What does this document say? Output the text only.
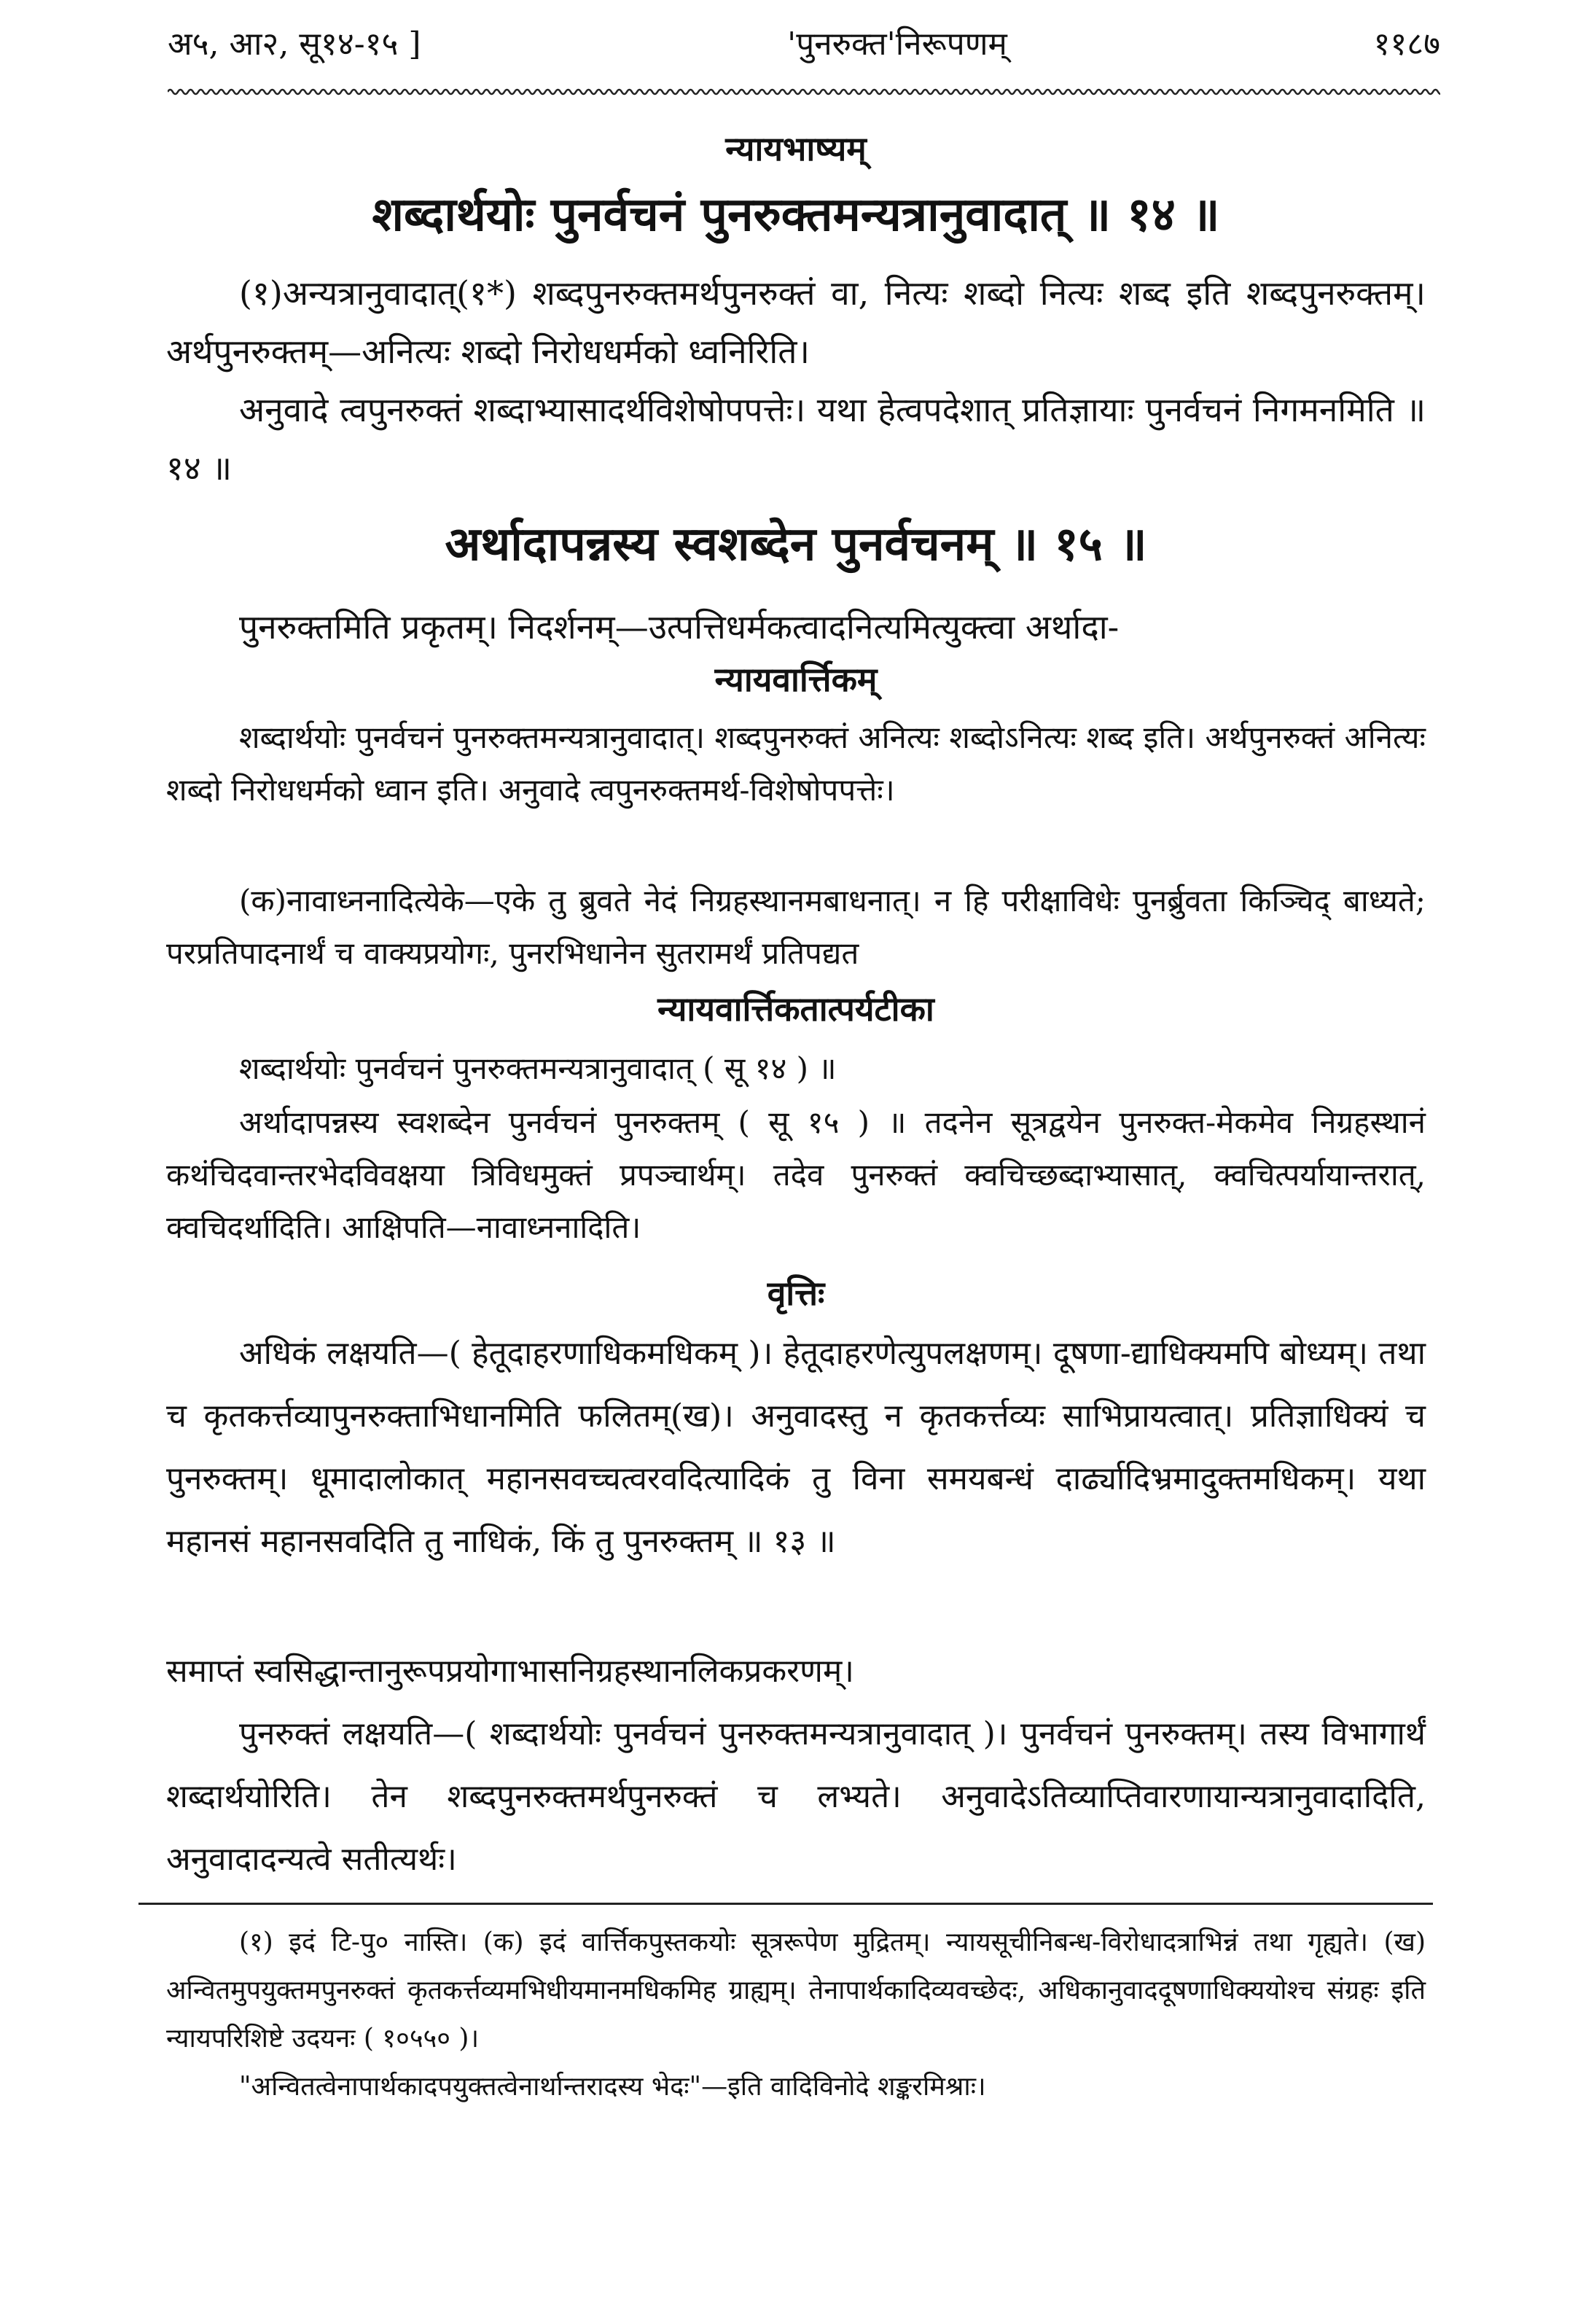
अ५, आ२, सू१४-१५ ]	'पुनरुक्त'निरूपणम्	११८७
न्यायभाष्यम्
शब्दार्थयोः पुनर्वचनं पुनरुक्तमन्यत्रानुवादात् ॥ १४ ॥
(१)अन्यत्रानुवादात्(१*) शब्दपुनरुक्तमर्थपुनरुक्तं वा, नित्यः शब्दो नित्यः शब्द इति शब्दपुनरुक्तम्। अर्थपुनरुक्तम्—अनित्यः शब्दो निरोधधर्मको ध्वनिरिति।
अनुवादे त्वपुनरुक्तं शब्दाभ्यासादर्थविशेषोपपत्तेः। यथा हेत्वपदेशात् प्रतिज्ञायाः पुनर्वचनं निगमनमिति ॥ १४ ॥
अर्थादापन्नस्य स्वशब्देन पुनर्वचनम् ॥ १५ ॥
पुनरुक्तमिति प्रकृतम्। निदर्शनम्—उत्पत्तिधर्मकत्वादनित्यमित्युक्त्वा अर्थादा-
न्यायवार्त्तिकम्
शब्दार्थयोः पुनर्वचनं पुनरुक्तमन्यत्रानुवादात्। शब्दपुनरुक्तं अनित्यः शब्दोऽनित्यः शब्द इति। अर्थपुनरुक्तं अनित्यः शब्दो निरोधधर्मको ध्वान इति। अनुवादे त्वपुनरुक्तमर्थ-विशेषोपपत्तेः।
(क)नावाध्ननादित्येके—एके तु ब्रुवते नेदं निग्रहस्थानमबाधनात्। न हि परीक्षाविधेः पुनर्ब्रुवता किञ्चिद् बाध्यते; परप्रतिपादनार्थं च वाक्यप्रयोगः, पुनरभिधानेन सुतरामर्थं प्रतिपद्यत
न्यायवार्त्तिकतात्पर्यटीका
शब्दार्थयोः पुनर्वचनं पुनरुक्तमन्यत्रानुवादात् ( सू १४ ) ॥
अर्थादापन्नस्य स्वशब्देन पुनर्वचनं पुनरुक्तम् ( सू १५ ) ॥ तदनेन सूत्रद्वयेन पुनरुक्त-मेकमेव निग्रहस्थानं कथंचिदवान्तरभेदविवक्षया त्रिविधमुक्तं प्रपञ्चार्थम्। तदेव पुनरुक्तं क्वचिच्छब्दाभ्यासात्, क्वचित्पर्यायान्तरात्, क्वचिदर्थादिति। आक्षिपति—नावाध्ननादिति।
वृत्तिः
अधिकं लक्षयति—( हेतूदाहरणाधिकमधिकम् )। हेतूदाहरणेत्युपलक्षणम्। दूषणा-द्याधिक्यमपि बोध्यम्। तथा च कृतकर्त्तव्यापुनरुक्ताभिधानमिति फलितम्(ख)। अनुवादस्तु न कृतकर्त्तव्यः साभिप्रायत्वात्। प्रतिज्ञाधिक्यं च पुनरुक्तम्। धूमादालोकात् महानसवच्चत्वरवदित्यादिकं तु विना समयबन्धं दार्ढ्यादिभ्रमादुक्तमधिकम्। यथा महानसं महानसवदिति तु नाधिकं, किं तु पुनरुक्तम् ॥ १३ ॥
समाप्तं स्वसिद्धान्तानुरूपप्रयोगाभासनिग्रहस्थानलिकप्रकरणम्।
पुनरुक्तं लक्षयति—( शब्दार्थयोः पुनर्वचनं पुनरुक्तमन्यत्रानुवादात् )। पुनर्वचनं पुनरुक्तम्। तस्य विभागार्थं शब्दार्थयोरिति। तेन शब्दपुनरुक्तमर्थपुनरुक्तं च लभ्यते। अनुवादेऽतिव्याप्तिवारणायान्यत्रानुवादादिति, अनुवादादन्यत्वे सतीत्यर्थः।
(१) इदं टि-पु० नास्ति। (क) इदं वार्त्तिकपुस्तकयोः सूत्ररूपेण मुद्रितम्। न्यायसूचीनिबन्ध-विरोधादत्राभिन्नं तथा गृह्यते। (ख) अन्वितमुपयुक्तमपुनरुक्तं कृतकर्त्तव्यमभिधीयमानमधिकमिह ग्राह्यम्। तेनापार्थकादिव्यवच्छेदः, अधिकानुवाददूषणाधिक्ययोश्च संग्रहः इति न्यायपरिशिष्टे उदयनः ( १०५५० )।
"अन्वितत्वेनापार्थकादपयुक्तत्वेनार्थान्तरादस्य भेदः"—इति वादिविनोदे शङ्करमिश्राः।
